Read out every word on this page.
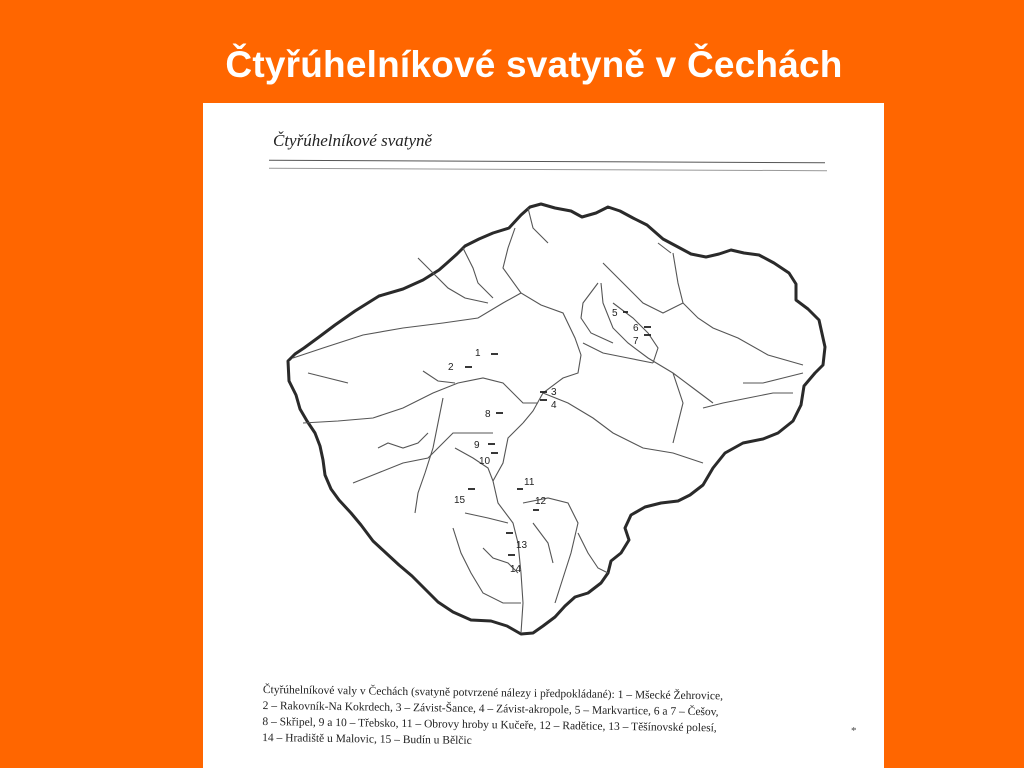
Čtyřúhelníkové svatyně v Čechách
Čtyřúhelníkové svatyně
1
2
3
4
5
6
7
8
9
10
11
12
13
14
15
Čtyřúhelníkové valy v Čechách (svatyně potvrzené nálezy i předpokládané): 1 – Mšecké Žehrovice,
2 – Rakovník-Na Kokrdech, 3 – Závist-Šance, 4 – Závist-akropole, 5 – Markvartice, 6 a 7 – Češov,
8 – Skřipel, 9 a 10 – Třebsko, 11 – Obrovy hroby u Kučeře, 12 – Radětice, 13 – Těšínovské polesí,
14 – Hradiště u Malovic, 15 – Budín u Bělčic
*
